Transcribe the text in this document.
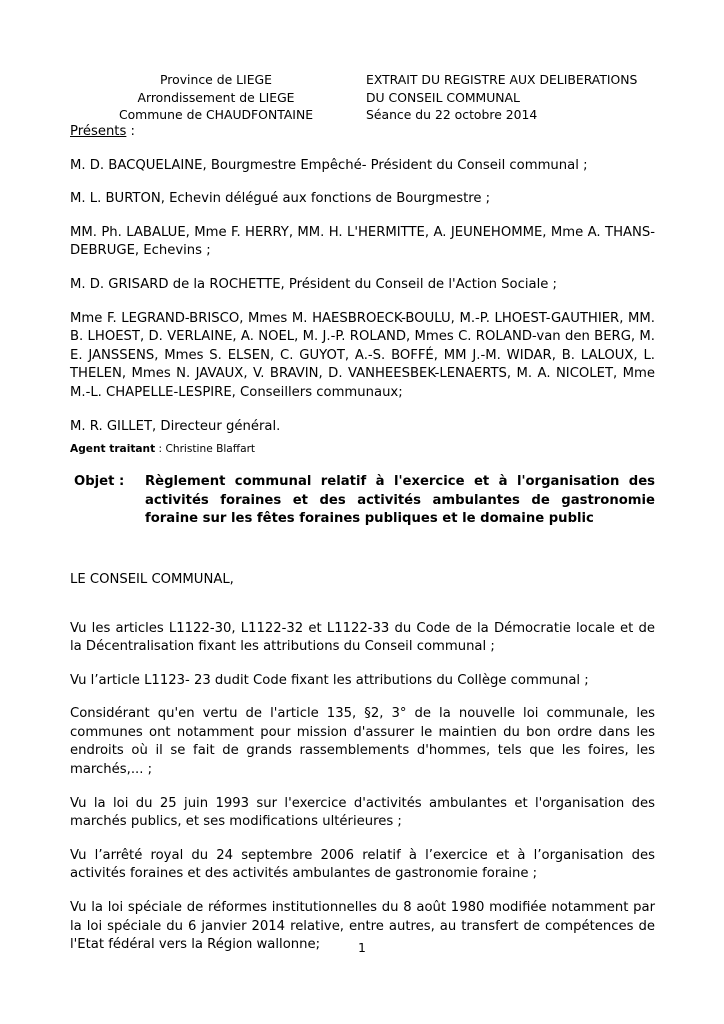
Province de LIEGE
Arrondissement de LIEGE
Commune de CHAUDFONTAINE
EXTRAIT DU REGISTRE AUX DELIBERATIONS
DU CONSEIL COMMUNAL
Séance du 22 octobre 2014

Présents :

M. D. BACQUELAINE, Bourgmestre Empêché- Président du Conseil communal ;

M. L. BURTON, Echevin délégué aux fonctions de Bourgmestre ;

MM. Ph. LABALUE, Mme F. HERRY, MM. H. L'HERMITTE, A. JEUNEHOMME, Mme A. THANS-DEBRUGE, Echevins ;

M. D. GRISARD de la ROCHETTE, Président du Conseil de l'Action Sociale ;

Mme F. LEGRAND-BRISCO, Mmes M. HAESBROECK-BOULU, M.-P. LHOEST-GAUTHIER, MM. B. LHOEST, D. VERLAINE, A. NOEL, M. J.-P. ROLAND, Mmes C. ROLAND-van den BERG, M. E. JANSSENS, Mmes S. ELSEN, C. GUYOT, A.-S. BOFFÉ, MM J.-M. WIDAR, B. LALOUX, L. THELEN, Mmes N. JAVAUX, V. BRAVIN, D. VANHEESBEK-LENAERTS, M. A. NICOLET, Mme M.-L. CHAPELLE-LESPIRE, Conseillers communaux;

M. R. GILLET, Directeur général.

Agent traitant : Christine Blaffart
Objet :	Règlement communal relatif à l'exercice et à l'organisation des activités foraines et des activités ambulantes de gastronomie foraine sur les fêtes foraines publiques et le domaine public

LE CONSEIL COMMUNAL,

Vu les articles L1122-30, L1122-32 et L1122-33 du Code de la Démocratie locale et de la Décentralisation fixant les attributions du Conseil communal ;

Vu l’article L1123- 23 dudit Code fixant les attributions du Collège communal ;

Considérant qu'en vertu de l'article 135, §2, 3° de la nouvelle loi communale, les communes ont notamment pour mission d'assurer le maintien du bon ordre dans les endroits où il se fait de grands rassemblements d'hommes, tels que les foires, les marchés,... ;

Vu la loi du 25 juin 1993 sur l'exercice d'activités ambulantes et l'organisation des marchés publics, et ses modifications ultérieures ;

Vu l’arrêté royal du 24 septembre 2006 relatif à l’exercice et à l’organisation des activités foraines et des activités ambulantes de gastronomie foraine ;

Vu la loi spéciale de réformes institutionnelles du 8 août 1980 modifiée notamment par la loi spéciale du 6 janvier 2014 relative, entre autres, au transfert de compétences de l'Etat fédéral vers la Région wallonne;	1
